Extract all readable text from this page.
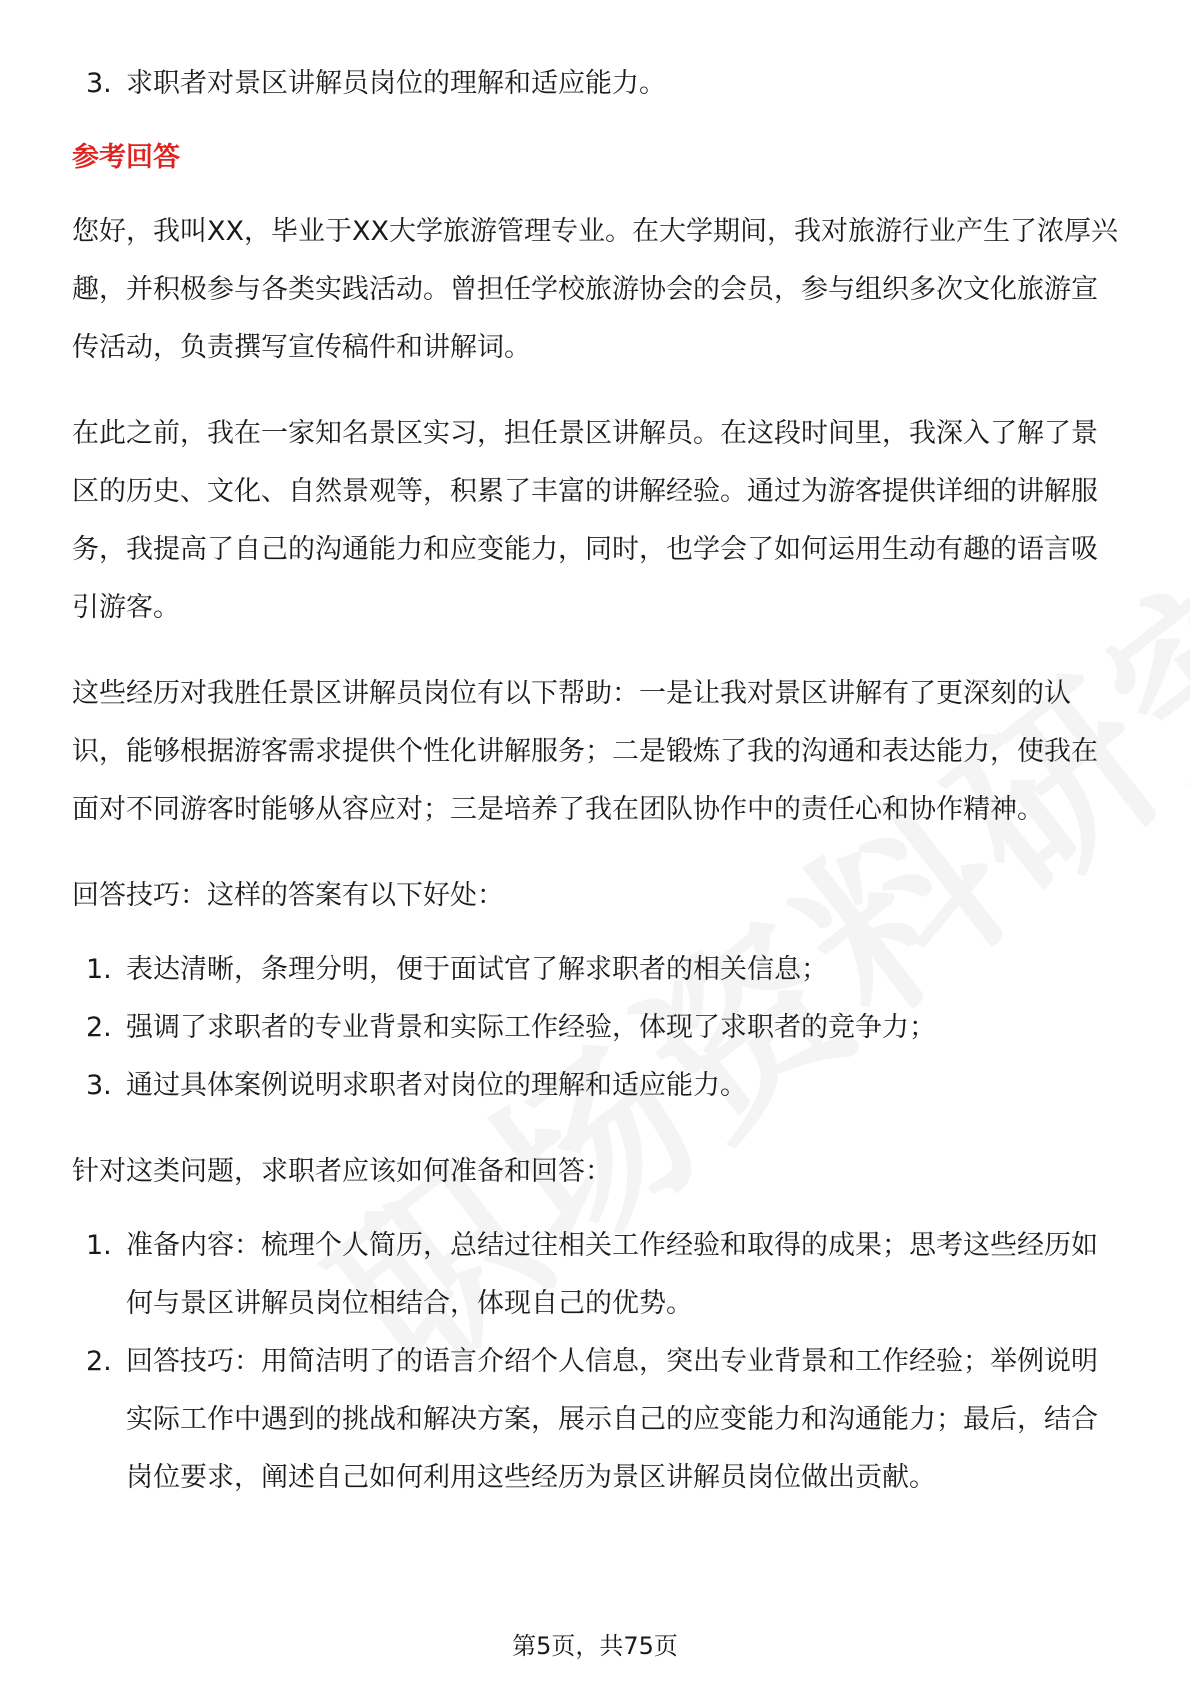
3. 求职者对景区讲解员岗位的理解和适应能力。

参考回答

您好，我叫XX，毕业于XX大学旅游管理专业。在大学期间，我对旅游行业产生了浓厚兴趣，并积极参与各类实践活动。曾担任学校旅游协会的会员，参与组织多次文化旅游宣传活动，负责撰写宣传稿件和讲解词。

在此之前，我在一家知名景区实习，担任景区讲解员。在这段时间里，我深入了解了景区的历史、文化、自然景观等，积累了丰富的讲解经验。通过为游客提供详细的讲解服务，我提高了自己的沟通能力和应变能力，同时，也学会了如何运用生动有趣的语言吸引游客。

这些经历对我胜任景区讲解员岗位有以下帮助：一是让我对景区讲解有了更深刻的认识，能够根据游客需求提供个性化讲解服务；二是锻炼了我的沟通和表达能力，使我在面对不同游客时能够从容应对；三是培养了我在团队协作中的责任心和协作精神。

回答技巧：这样的答案有以下好处：

1. 表达清晰，条理分明，便于面试官了解求职者的相关信息；
2. 强调了求职者的专业背景和实际工作经验，体现了求职者的竞争力；
3. 通过具体案例说明求职者对岗位的理解和适应能力。

针对这类问题，求职者应该如何准备和回答：

1. 准备内容：梳理个人简历，总结过往相关工作经验和取得的成果；思考这些经历如何与景区讲解员岗位相结合，体现自己的优势。
2. 回答技巧：用简洁明了的语言介绍个人信息，突出专业背景和工作经验；举例说明实际工作中遇到的挑战和解决方案，展示自己的应变能力和沟通能力；最后，结合岗位要求，阐述自己如何利用这些经历为景区讲解员岗位做出贡献。
第5页，共75页
